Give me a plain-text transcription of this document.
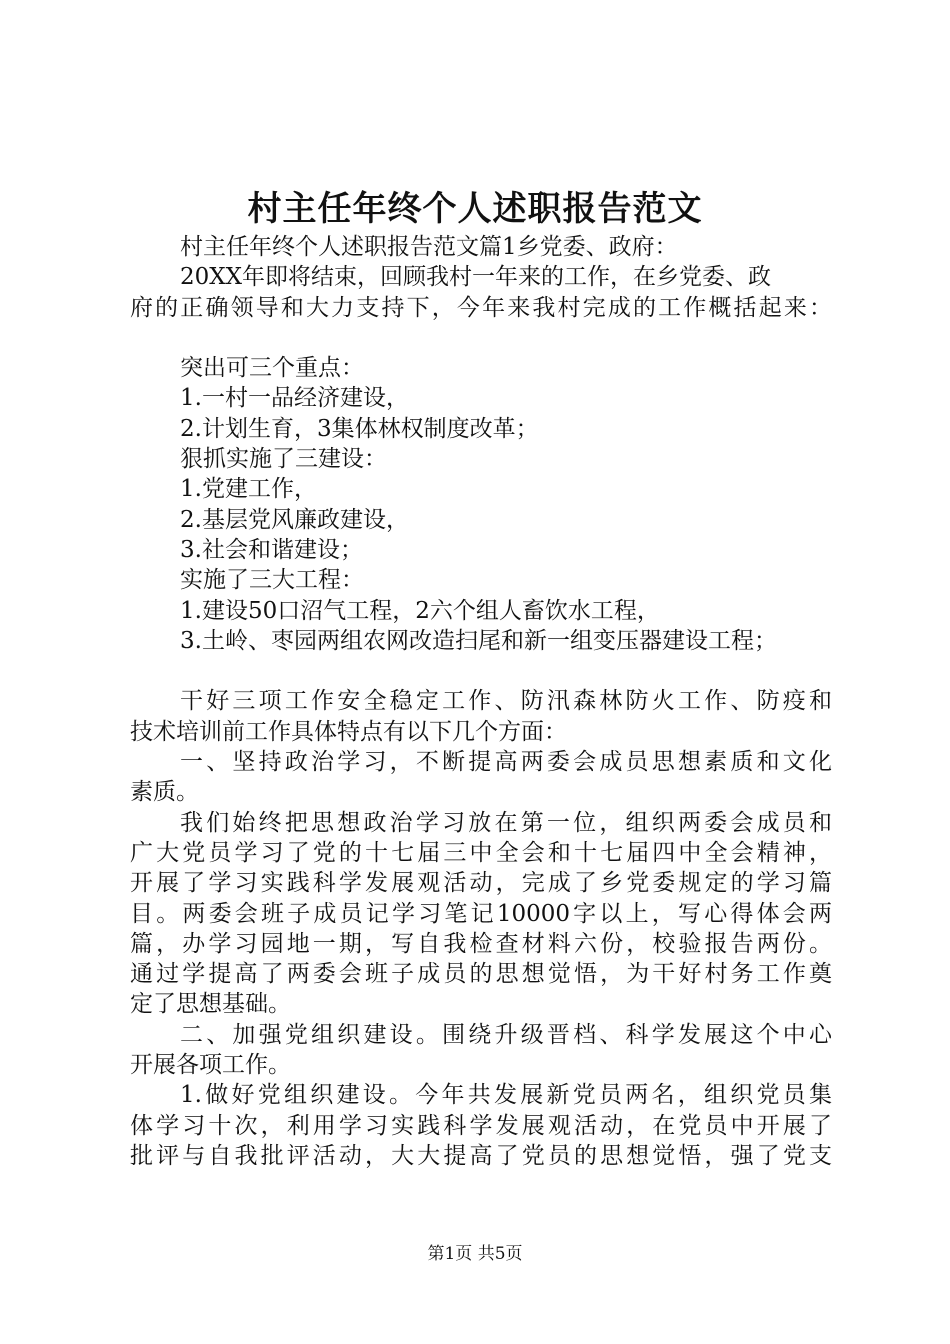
村主任年终个人述职报告范文

村主任年终个人述职报告范文篇1乡党委、政府：

20XX年即将结束，回顾我村一年来的工作，在乡党委、政

府的正确领导和大力支持下，今年来我村完成的工作概括起来：

突出可三个重点：

1.一村一品经济建设，

2.计划生育，3集体林权制度改革；

狠抓实施了三建设：

1.党建工作，

2.基层党风廉政建设，

3.社会和谐建设；

实施了三大工程：

1.建设50口沼气工程，2六个组人畜饮水工程，

3.土岭、枣园两组农网改造扫尾和新一组变压器建设工程；

干好三项工作安全稳定工作、防汛森林防火工作、防疫和

技术培训前工作具体特点有以下几个方面：

一、坚持政治学习，不断提高两委会成员思想素质和文化

素质。

我们始终把思想政治学习放在第一位，组织两委会成员和

广大党员学习了党的十七届三中全会和十七届四中全会精神，

开展了学习实践科学发展观活动，完成了乡党委规定的学习篇

目。两委会班子成员记学习笔记10000字以上，写心得体会两

篇，办学习园地一期，写自我检查材料六份，校验报告两份。

通过学提高了两委会班子成员的思想觉悟，为干好村务工作奠

定了思想基础。

二、加强党组织建设。围绕升级晋档、科学发展这个中心

开展各项工作。

1.做好党组织建设。今年共发展新党员两名，组织党员集

体学习十次，利用学习实践科学发展观活动，在党员中开展了

批评与自我批评活动，大大提高了党员的思想觉悟，强了党支

第1页 共5页
